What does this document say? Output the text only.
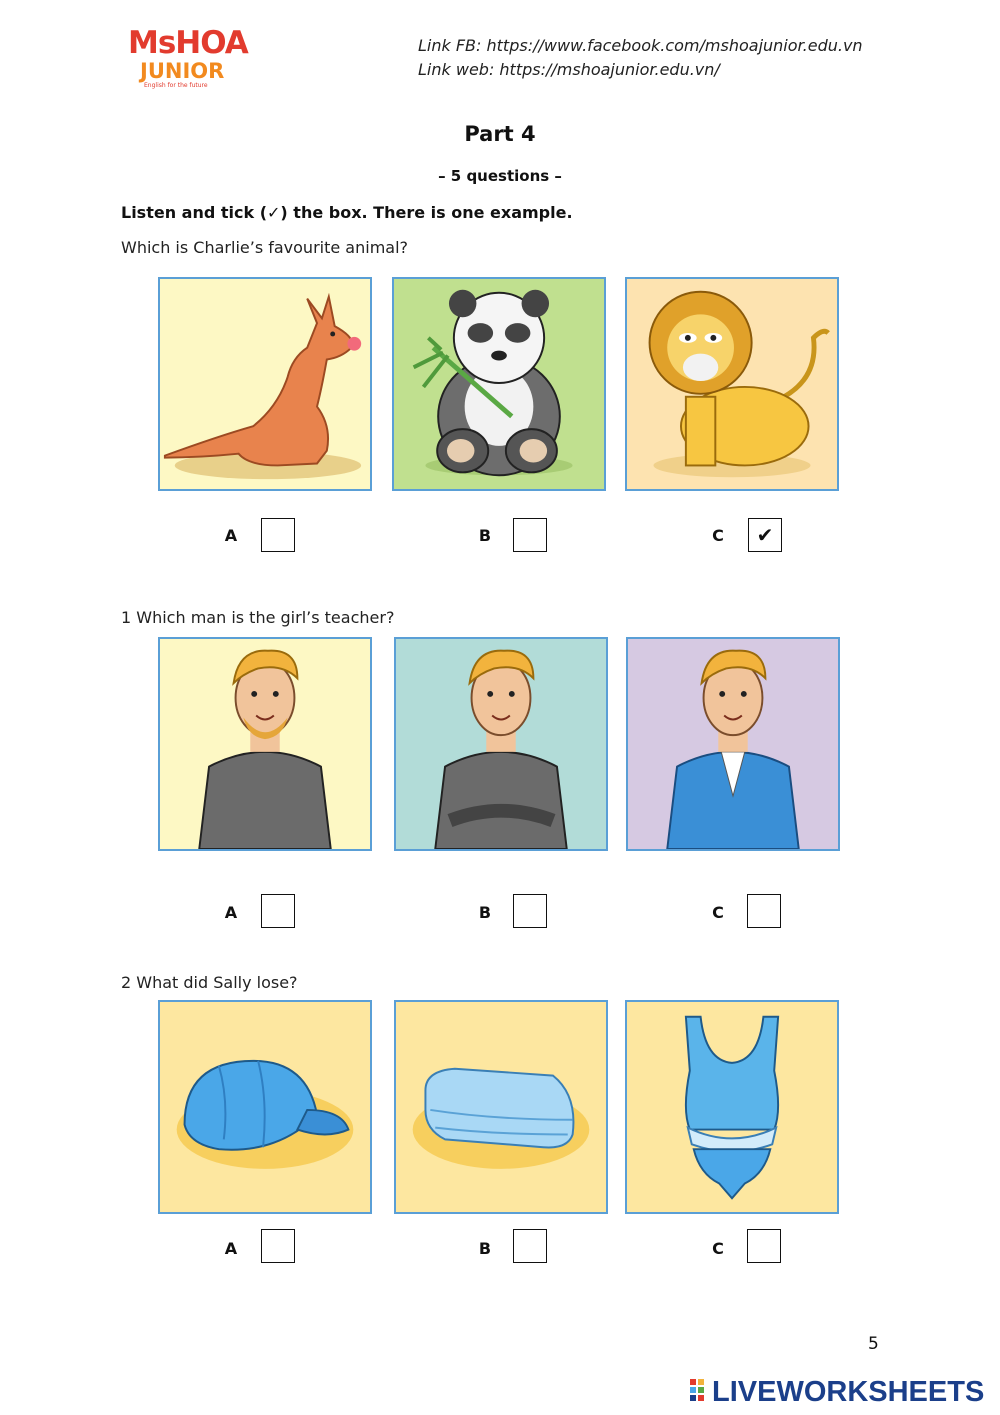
MsHOA
JUNIOR
English for the future
Link FB: https://www.facebook.com/mshoajunior.edu.vn
Link web: https://mshoajunior.edu.vn/
Part 4
– 5 questions –
Listen and tick (✓) the box. There is one example.
Which is Charlie’s favourite animal?
A	B	C	✔
1 Which man is the girl’s teacher?
A	B	C
2 What did Sally lose?
A	B	C
5
LIVEWORKSHEETS
